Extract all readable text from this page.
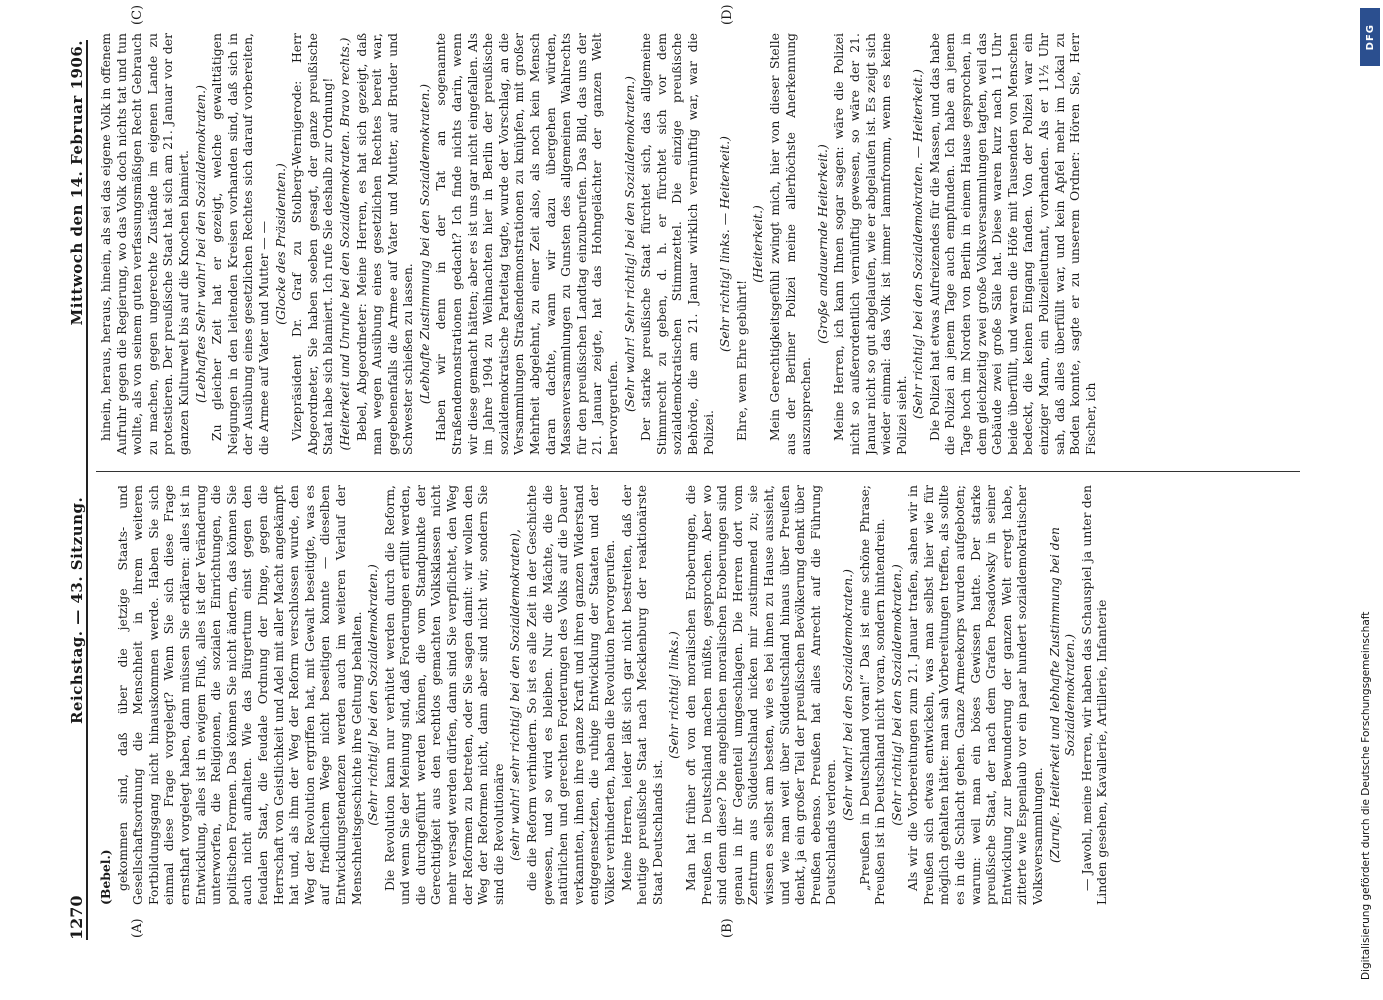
1270
Reichstag. — 43. Sitzung.
Mittwoch den 14. Februar 1906.
(A)	(B)
(C)	(D)

(Bebel.) gekommen sind, daß über die jetzige Staats- und Gesellschaftsordnung die Menschheit in ihrem weiteren Fortbildungsgang nicht hinauskommen werde. Haben Sie sich einmal diese Frage vorgelegt? Wenn Sie sich diese Frage ernsthaft vorgelegt haben, dann müssen Sie erklären: alles ist in Entwicklung, alles ist in ewigem Fluß, alles ist der Veränderung unterworfen, die Religionen, die sozialen Einrichtungen, die politischen Formen. Das können Sie nicht ändern, das können Sie auch nicht aufhalten. Wie das Bürgertum einst gegen den feudalen Staat, die feudale Ordnung der Dinge, gegen die Herrschaft von Geistlichkeit und Adel mit aller Macht angekämpft hat und, als ihm der Weg der Reform verschlossen wurde, den Weg der Revolution ergriffen hat, mit Gewalt beseitigte, was es auf friedlichem Wege nicht beseitigen konnte — dieselben Entwicklungstendenzen werden auch im weiteren Verlauf der Menschheitsgeschichte ihre Geltung behalten. (Sehr richtig! bei den Sozialdemokraten.) Die Revolution kann nur verhütet werden durch die Reform, und wenn Sie der Meinung sind, daß Forderungen erfüllt werden, die durchgeführt werden können, die vom Standpunkte der Gerechtigkeit aus den rechtlos gemachten Volksklassen nicht mehr versagt werden dürfen, dann sind Sie verpflichtet, den Weg der Reformen zu betreten, oder Sie sagen damit: wir wollen den Weg der Reformen nicht, dann aber sind nicht wir, sondern Sie sind die Revolutionäre (sehr wahr! sehr richtig! bei den Sozialdemokraten), die die Reform verhindern. So ist es alle Zeit in der Geschichte gewesen, und so wird es bleiben. Nur die Mächte, die die natürlichen und gerechten Forderungen des Volks auf die Dauer verkannten, ihnen ihre ganze Kraft und ihren ganzen Widerstand entgegensetzten, die ruhige Entwicklung der Staaten und der Völker verhinderten, haben die Revolution hervorgerufen. Meine Herren, leider läßt sich gar nicht bestreiten, daß der heutige preußische Staat nach Mecklenburg der reaktionärste Staat Deutschlands ist.

(Sehr richtig! links.) Man hat früher oft von den moralischen Eroberungen, die Preußen in Deutschland machen müßte, gesprochen. Aber wo sind denn diese? Die angeblichen moralischen Eroberungen sind genau in ihr Gegenteil umgeschlagen. Die Herren dort vom Zentrum aus Süddeutschland nicken mir zustimmend zu; sie wissen es selbst am besten, wie es bei ihnen zu Hause aussieht, und wie man weit über Süddeutschland hinaus über Preußen denkt, ja ein großer Teil der preußischen Bevölkerung denkt über Preußen ebenso. Preußen hat alles Anrecht auf die Führung Deutschlands verloren.

(Sehr wahr! bei den Sozialdemokraten.) „Preußen in Deutschland voran!“ Das ist eine schöne Phrase; Preußen ist in Deutschland nicht voran, sondern hintendrein. (Sehr richtig! bei den Sozialdemokraten.) Als wir die Vorbereitungen zum 21. Januar trafen, sahen wir in Preußen sich etwas entwickeln, was man selbst hier wie für möglich gehalten hätte: man sah Vorbereitungen treffen, als sollte es in die Schlacht gehen. Ganze Armeekorps wurden aufgeboten; warum: weil man ein böses Gewissen hatte. Der starke preußische Staat, der nach dem Grafen Posadowsky in seiner Entwicklung zur Bewunderung der ganzen Welt erregt habe, zitterte wie Espenlaub vor ein paar hundert sozialdemokratischer Volksversammlungen. (Zurufe. Heiterkeit und lebhafte Zustimmung bei den Sozialdemokraten.) — Jawohl, meine Herren, wir haben das Schauspiel ja unter den Linden gesehen, Kavallerie, Artillerie, Infanterie

hinein, heraus, heraus, hinein, als sei das eigene Volk in offenem Aufruhr gegen die Regierung, wo das Volk doch nichts tat und tun wollte, als von seinem guten verfassungsmäßigen Recht Gebrauch zu machen, gegen ungerechte Zustände im eigenen Lande zu protestieren. Der preußische Staat hat sich am 21. Januar vor der ganzen Kulturwelt bis auf die Knochen blamiert. (Lebhaftes Sehr wahr! bei den Sozialdemokraten.) Zu gleicher Zeit hat er gezeigt, welche gewalttätigen Neigungen in den leitenden Kreisen vorhanden sind, daß sich in der Ausübung eines gesetzlichen Rechtes sich darauf vorbereiten, die Armee auf Vater und Mutter — — (Glocke des Präsidenten.) Vizepräsident Dr. Graf zu Stolberg-Wernigerode: Herr Abgeordneter, Sie haben soeben gesagt, der ganze preußische Staat habe sich blamiert. Ich rufe Sie deshalb zur Ordnung! (Heiterkeit und Unruhe bei den Sozialdemokraten. Bravo rechts.) Bebel, Abgeordneter: Meine Herren, es hat sich gezeigt, daß man wegen Ausübung eines gesetzlichen Rechtes bereit war, gegebenenfalls die Armee auf Vater und Mutter, auf Bruder und Schwester schießen zu lassen. (Lebhafte Zustimmung bei den Sozialdemokraten.) Haben wir denn in der Tat an sogenannte Straßendemonstrationen gedacht? Ich finde nichts darin, wenn wir diese gemacht hätten; aber es ist uns gar nicht eingefallen. Als im Jahre 1904 zu Weihnachten hier in Berlin der preußische sozialdemokratische Parteitag tagte, wurde der Vorschlag, an die Versammlungen Straßendemonstrationen zu knüpfen, mit großer Mehrheit abgelehnt, zu einer Zeit also, als noch kein Mensch daran dachte, wann wir dazu übergehen würden, Massenversammlungen zu Gunsten des allgemeinen Wahlrechts für den preußischen Landtag einzuberufen. Das Bild, das uns der 21. Januar zeigte, hat das Hohngelächter der ganzen Welt hervorgerufen. (Sehr wahr! Sehr richtig! bei den Sozialdemokraten.) Der starke preußische Staat fürchtet sich, das allgemeine Stimmrecht zu geben, d. h. er fürchtet sich vor dem sozialdemokratischen Stimmzettel. Die einzige preußische Behörde, die am 21. Januar wirklich vernünftig war, war die Polizei.

(Sehr richtig! links. — Heiterkeit.)

Ehre, wem Ehre gebührt!

(Heiterkeit.) Mein Gerechtigkeitsgefühl zwingt mich, hier von dieser Stelle aus der Berliner Polizei meine allerhöchste Anerkennung auszusprechen.

(Große andauernde Heiterkeit.) Meine Herren, ich kann Ihnen sogar sagen: wäre die Polizei nicht so außerordentlich vernünftig gewesen, so wäre der 21. Januar nicht so gut abgelaufen, wie er abgelaufen ist. Es zeigt sich wieder einmal: das Volk ist immer lammfromm, wenn es keine Polizei sieht. (Sehr richtig! bei den Sozialdemokraten. — Heiterkeit.) Die Polizei hat etwas Aufreizendes für die Massen, und das habe die Polizei an jenem Tage auch empfunden. Ich habe an jenem Tage hoch im Norden von Berlin in einem Hause gesprochen, in dem gleichzeitig zwei große Volksversammlungen tagten, weil das Gebäude zwei große Säle hat. Diese waren kurz nach 11 Uhr beide überfüllt, und waren die Höfe mit Tausenden von Menschen bedeckt, die keinen Eingang fanden. Von der Polizei war ein einziger Mann, ein Polizeileutnant, vorhanden. Als er 11½ Uhr sah, daß alles überfüllt war, und kein Apfel mehr im Lokal zu Boden konnte, sagte er zu unserem Ordner: Hören Sie, Herr Fischer, ich

DFG
Digitalisierung gefördert durch die Deutsche Forschungsgemeinschaft
